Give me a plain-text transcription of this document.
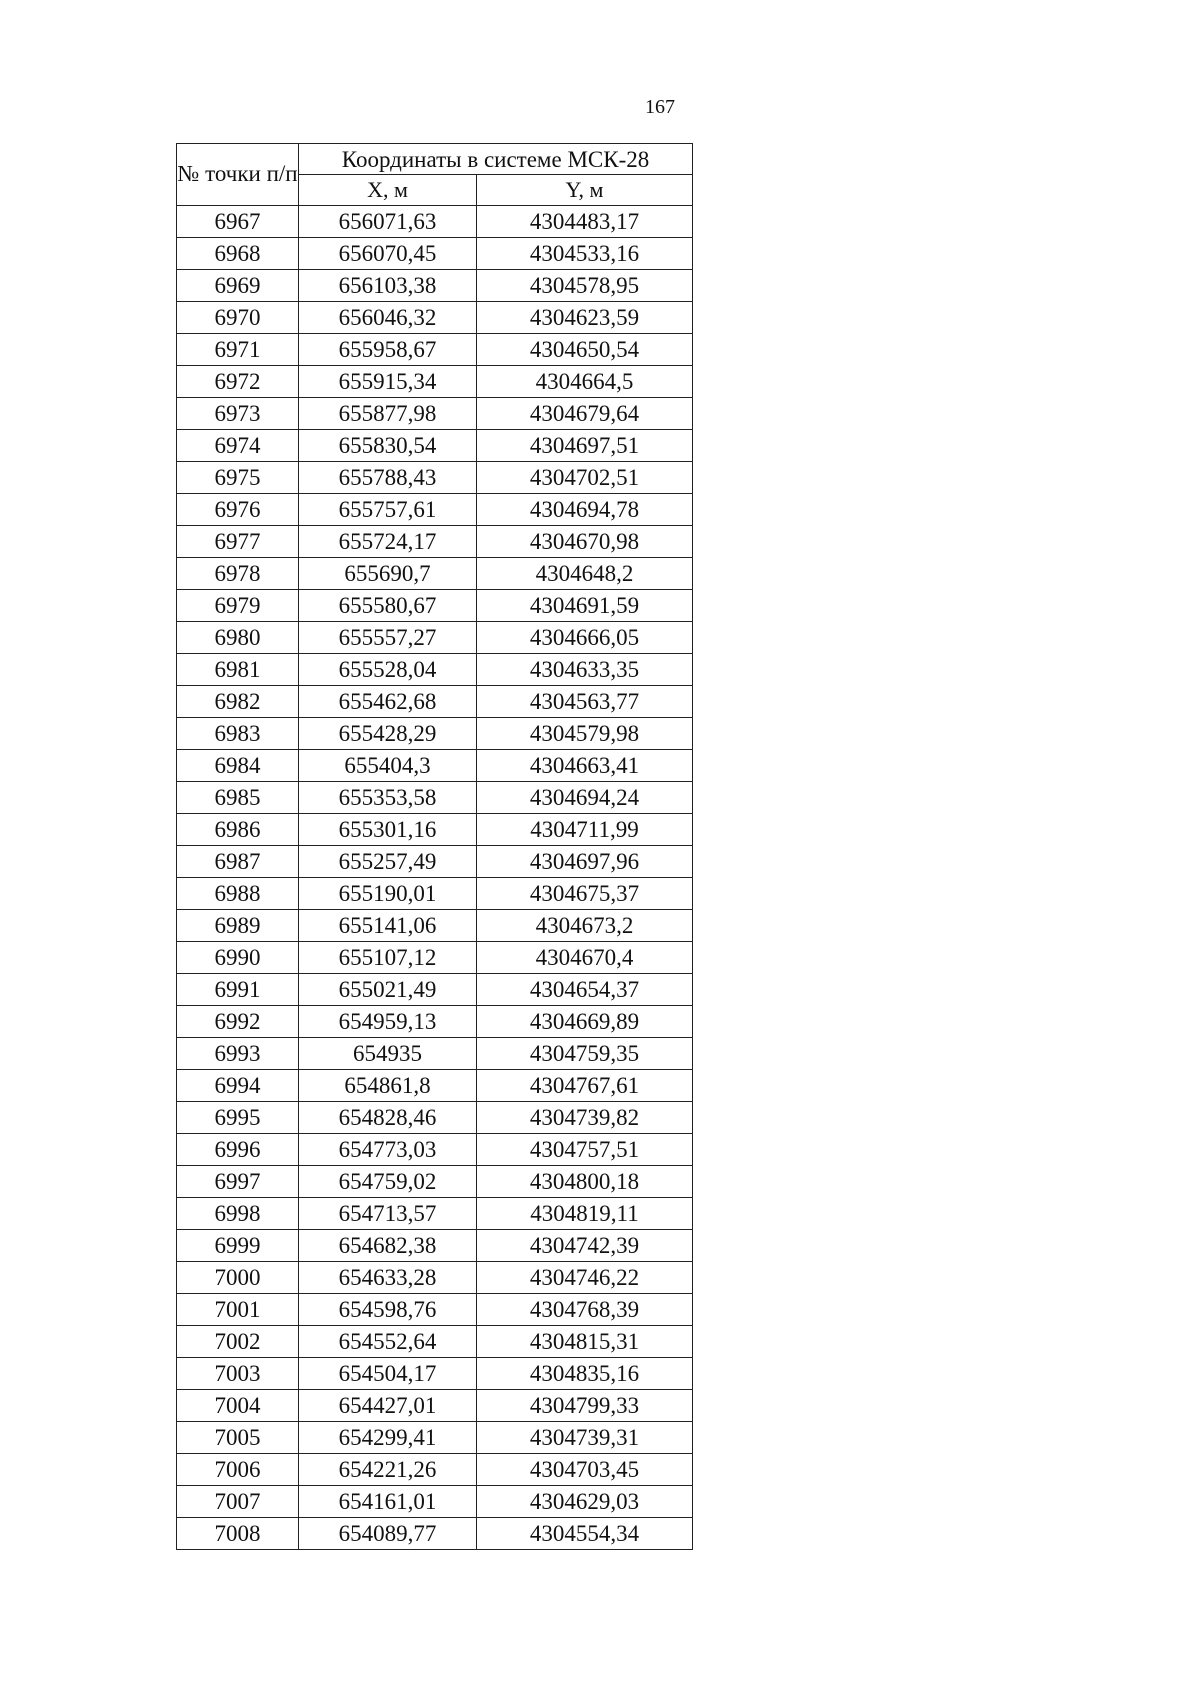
167
№ точки п/п	Координаты в системе МСК-28	
	X, м	Y, м
6967	656071,63	4304483,17
6968	656070,45	4304533,16
6969	656103,38	4304578,95
6970	656046,32	4304623,59
6971	655958,67	4304650,54
6972	655915,34	4304664,5
6973	655877,98	4304679,64
6974	655830,54	4304697,51
6975	655788,43	4304702,51
6976	655757,61	4304694,78
6977	655724,17	4304670,98
6978	655690,7	4304648,2
6979	655580,67	4304691,59
6980	655557,27	4304666,05
6981	655528,04	4304633,35
6982	655462,68	4304563,77
6983	655428,29	4304579,98
6984	655404,3	4304663,41
6985	655353,58	4304694,24
6986	655301,16	4304711,99
6987	655257,49	4304697,96
6988	655190,01	4304675,37
6989	655141,06	4304673,2
6990	655107,12	4304670,4
6991	655021,49	4304654,37
6992	654959,13	4304669,89
6993	654935	4304759,35
6994	654861,8	4304767,61
6995	654828,46	4304739,82
6996	654773,03	4304757,51
6997	654759,02	4304800,18
6998	654713,57	4304819,11
6999	654682,38	4304742,39
7000	654633,28	4304746,22
7001	654598,76	4304768,39
7002	654552,64	4304815,31
7003	654504,17	4304835,16
7004	654427,01	4304799,33
7005	654299,41	4304739,31
7006	654221,26	4304703,45
7007	654161,01	4304629,03
7008	654089,77	4304554,34
